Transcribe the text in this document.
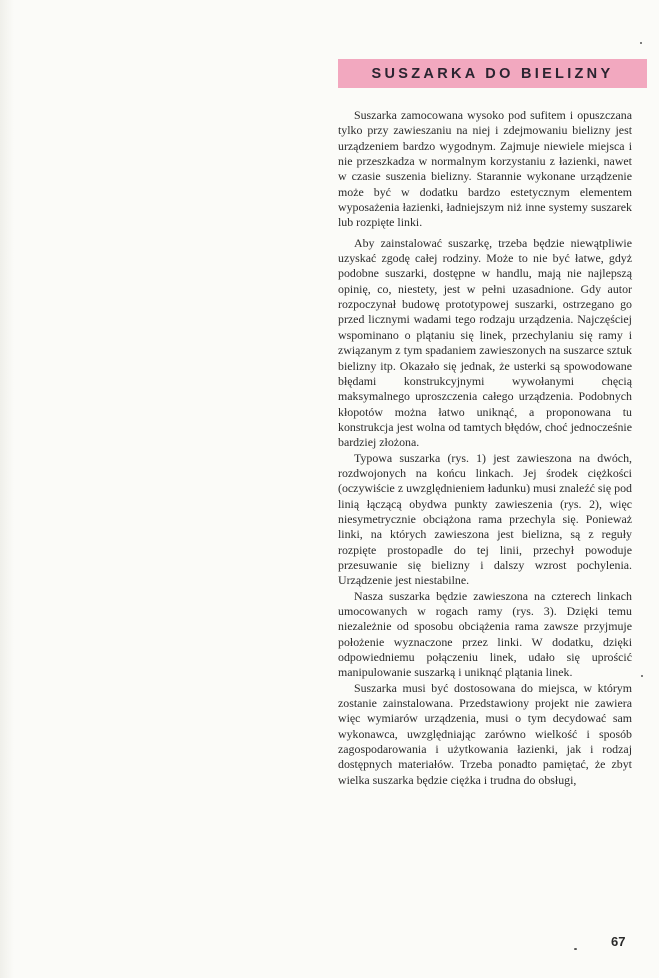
SUSZARKA DO BIELIZNY

Suszarka zamocowana wysoko pod sufitem i opuszczana tylko przy zawieszaniu na niej i zdejmowaniu bielizny jest urządzeniem bardzo wygodnym. Zajmuje niewiele miejsca i nie przeszkadza w normalnym korzystaniu z łazienki, nawet w czasie suszenia bielizny. Starannie wykonane urządzenie może być w dodatku bardzo estetycznym elementem wyposażenia łazienki, ładniejszym niż inne systemy suszarek lub rozpięte linki.

Aby zainstalować suszarkę, trzeba będzie niewątpliwie uzyskać zgodę całej rodziny. Może to nie być łatwe, gdyż podobne suszarki, dostępne w handlu, mają nie najlepszą opinię, co, niestety, jest w pełni uzasadnione. Gdy autor rozpoczynał budowę prototypowej suszarki, ostrzegano go przed licznymi wadami tego rodzaju urządzenia. Najczęściej wspominano o plątaniu się linek, przechylaniu się ramy i związanym z tym spadaniem zawieszonych na suszarce sztuk bielizny itp. Okazało się jednak, że usterki są spowodowane błędami konstrukcyjnymi wywołanymi chęcią maksymalnego uproszczenia całego urządzenia. Podobnych kłopotów można łatwo uniknąć, a proponowana tu konstrukcja jest wolna od tamtych błędów, choć jednocześnie bardziej złożona.

Typowa suszarka (rys. 1) jest zawieszona na dwóch, rozdwojonych na końcu linkach. Jej środek ciężkości (oczywiście z uwzględnieniem ładunku) musi znaleźć się pod linią łączącą obydwa punkty zawieszenia (rys. 2), więc niesymetrycznie obciążona rama przechyla się. Ponieważ linki, na których zawieszona jest bielizna, są z reguły rozpięte prostopadle do tej linii, przechył powoduje przesuwanie się bielizny i dalszy wzrost pochylenia. Urządzenie jest niestabilne.

Nasza suszarka będzie zawieszona na czterech linkach umocowanych w rogach ramy (rys. 3). Dzięki temu niezależnie od sposobu obciążenia rama zawsze przyjmuje położenie wyznaczone przez linki. W dodatku, dzięki odpowiedniemu połączeniu linek, udało się uprościć manipulowanie suszarką i uniknąć plątania linek.

Suszarka musi być dostosowana do miejsca, w którym zostanie zainstalowana. Przedstawiony projekt nie zawiera więc wymiarów urządzenia, musi o tym decydować sam wykonawca, uwzględniając zarówno wielkość i sposób zagospodarowania i użytkowania łazienki, jak i rodzaj dostępnych materiałów. Trzeba ponadto pamiętać, że zbyt wielka suszarka będzie ciężka i trudna do obsługi,

67
